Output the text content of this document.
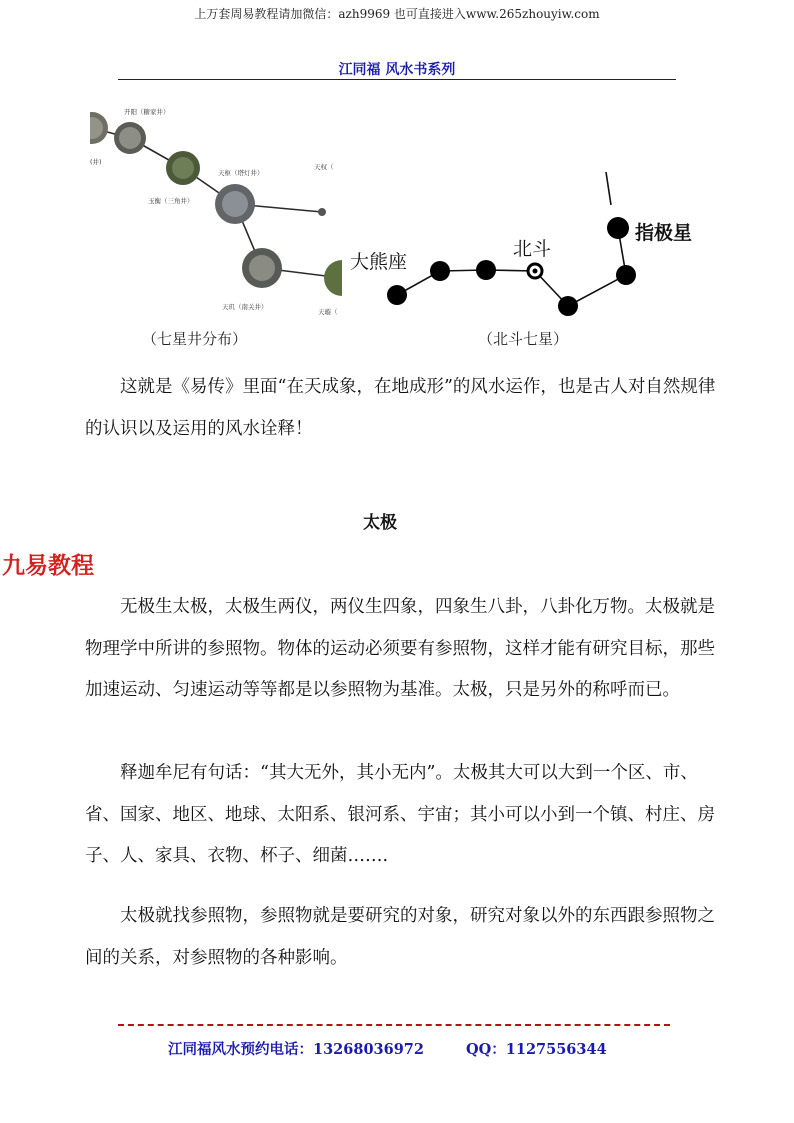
上万套周易教程请加微信：azh9969 也可直接进入www.265zhouyiw.com
江同福 风水书系列
开阳（糖家井）
(井)
天枢（塔灯井）
天权（
玉衡（三角井）
天玑（南关井）
天璇（
大熊座
北斗
指极星
（七星井分布）	（北斗七星）

这就是《易传》里面“在天成象，在地成形”的风水运作，也是古人对自然规律的认识以及运用的风水诠释！

太极
九易教程

无极生太极，太极生两仪，两仪生四象，四象生八卦，八卦化万物。太极就是物理学中所讲的参照物。物体的运动必须要有参照物，这样才能有研究目标，那些加速运动、匀速运动等等都是以参照物为基准。太极，只是另外的称呼而已。

释迦牟尼有句话：“其大无外，其小无内”。太极其大可以大到一个区、市、省、国家、地区、地球、太阳系、银河系、宇宙；其小可以小到一个镇、村庄、房子、人、家具、衣物、杯子、细菌…….

太极就找参照物，参照物就是要研究的对象，研究对象以外的东西跟参照物之间的关系，对参照物的各种影响。

江同福风水预约电话：13268036972	QQ：1127556344
